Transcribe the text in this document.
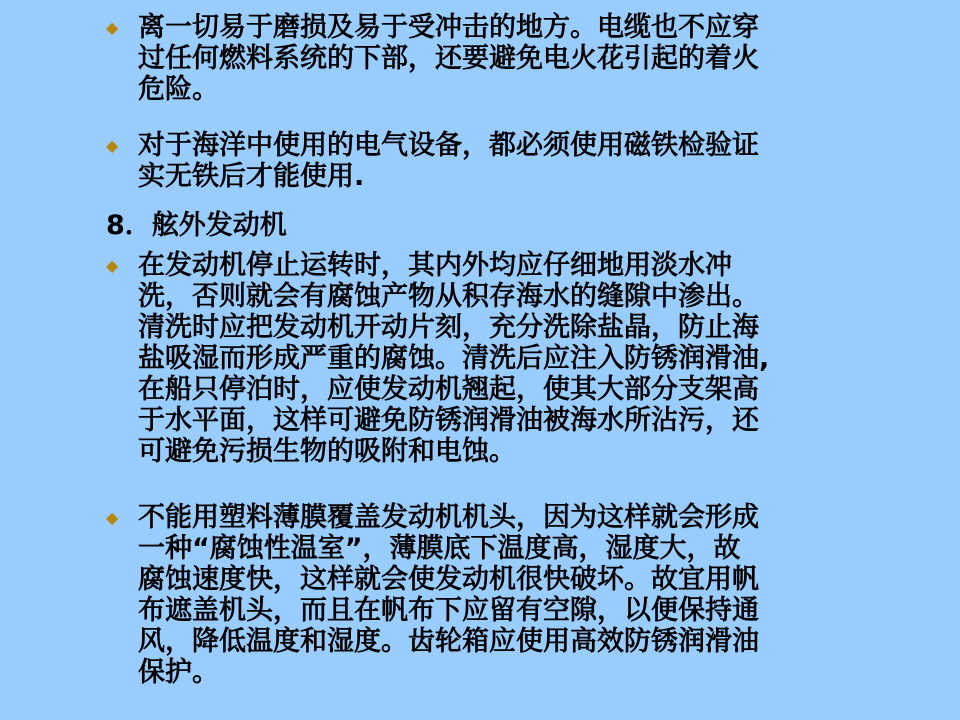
◆ 离一切易于磨损及易于受冲击的地方。电缆也不应穿
过任何燃料系统的下部，还要避免电火花引起的着火
危险。
◆ 对于海洋中使用的电气设备，都必须使用磁铁检验证
实无铁后才能使用.
8．舷外发动机
◆ 在发动机停止运转时，其内外均应仔细地用淡水冲
洗，否则就会有腐蚀产物从积存海水的缝隙中渗出。
清洗时应把发动机开动片刻，充分洗除盐晶，防止海
盐吸湿而形成严重的腐蚀。清洗后应注入防锈润滑油,
在船只停泊时，应使发动机翘起，使其大部分支架高
于水平面，这样可避免防锈润滑油被海水所沾污，还
可避免污损生物的吸附和电蚀。
◆ 不能用塑料薄膜覆盖发动机机头，因为这样就会形成
一种“腐蚀性温室”，薄膜底下温度高，湿度大，故
腐蚀速度快，这样就会使发动机很快破坏。故宜用帆
布遮盖机头，而且在帆布下应留有空隙，以便保持通
风，降低温度和湿度。齿轮箱应使用高效防锈润滑油
保护。
